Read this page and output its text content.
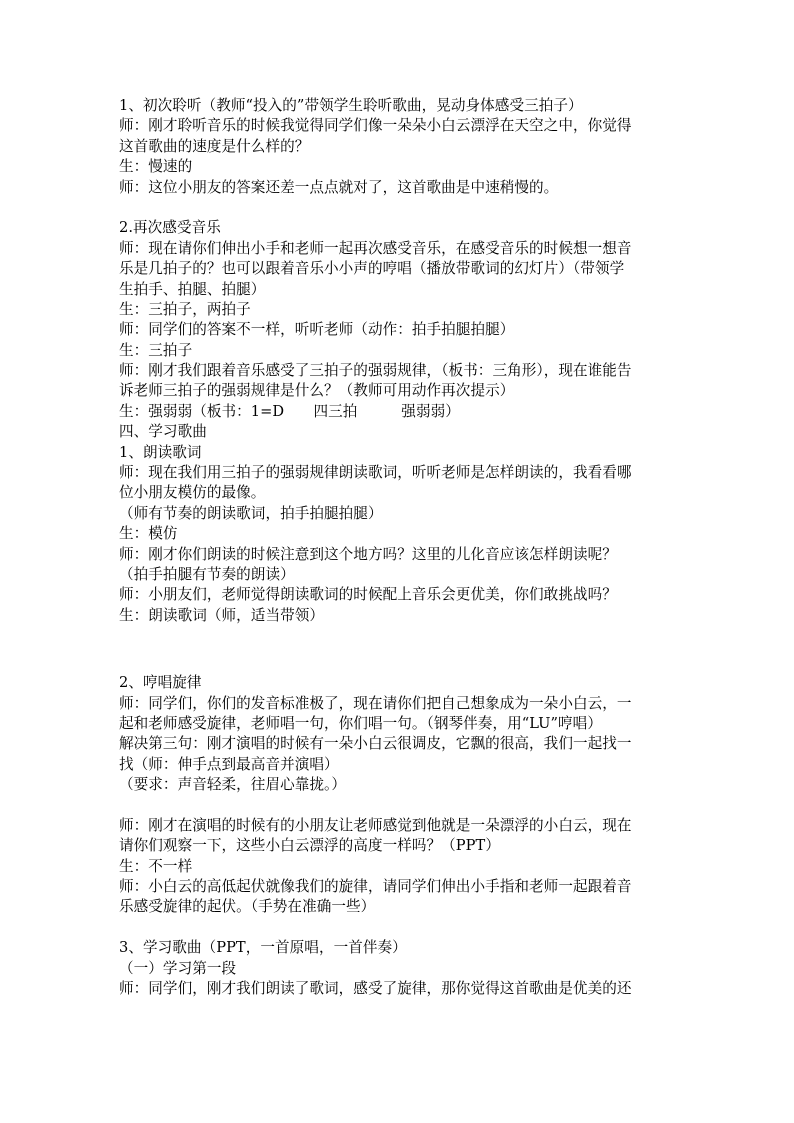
1、初次聆听（教师“投入的”带领学生聆听歌曲，晃动身体感受三拍子）
师：刚才聆听音乐的时候我觉得同学们像一朵朵小白云漂浮在天空之中，你觉得
这首歌曲的速度是什么样的？
生：慢速的
师：这位小朋友的答案还差一点点就对了，这首歌曲是中速稍慢的。
2.再次感受音乐
师：现在请你们伸出小手和老师一起再次感受音乐，在感受音乐的时候想一想音
乐是几拍子的？也可以跟着音乐小小声的哼唱（播放带歌词的幻灯片）（带领学
生拍手、拍腿、拍腿）
生：三拍子，两拍子
师：同学们的答案不一样，听听老师（动作：拍手拍腿拍腿）
生：三拍子
师：刚才我们跟着音乐感受了三拍子的强弱规律，（板书：三角形），现在谁能告
诉老师三拍子的强弱规律是什么？（教师可用动作再次提示）
生：强弱弱（板书：1=D　　四三拍　　　强弱弱）
四、学习歌曲
1、朗读歌词
师：现在我们用三拍子的强弱规律朗读歌词，听听老师是怎样朗读的，我看看哪
位小朋友模仿的最像。
（师有节奏的朗读歌词，拍手拍腿拍腿）
生：模仿
师：刚才你们朗读的时候注意到这个地方吗？这里的儿化音应该怎样朗读呢？
（拍手拍腿有节奏的朗读）
师：小朋友们，老师觉得朗读歌词的时候配上音乐会更优美，你们敢挑战吗？
生：朗读歌词（师，适当带领）
2、哼唱旋律
师：同学们，你们的发音标准极了，现在请你们把自己想象成为一朵小白云，一
起和老师感受旋律，老师唱一句，你们唱一句。（钢琴伴奏，用“LU”哼唱）
解决第三句：刚才演唱的时候有一朵小白云很调皮，它飘的很高，我们一起找一
找（师：伸手点到最高音并演唱）
（要求：声音轻柔，往眉心靠拢。）
师：刚才在演唱的时候有的小朋友让老师感觉到他就是一朵漂浮的小白云，现在
请你们观察一下，这些小白云漂浮的高度一样吗？（PPT）
生：不一样
师：小白云的高低起伏就像我们的旋律，请同学们伸出小手指和老师一起跟着音
乐感受旋律的起伏。（手势在准确一些）
3、学习歌曲（PPT，一首原唱，一首伴奏）
（一）学习第一段
师：同学们，刚才我们朗读了歌词，感受了旋律，那你觉得这首歌曲是优美的还
